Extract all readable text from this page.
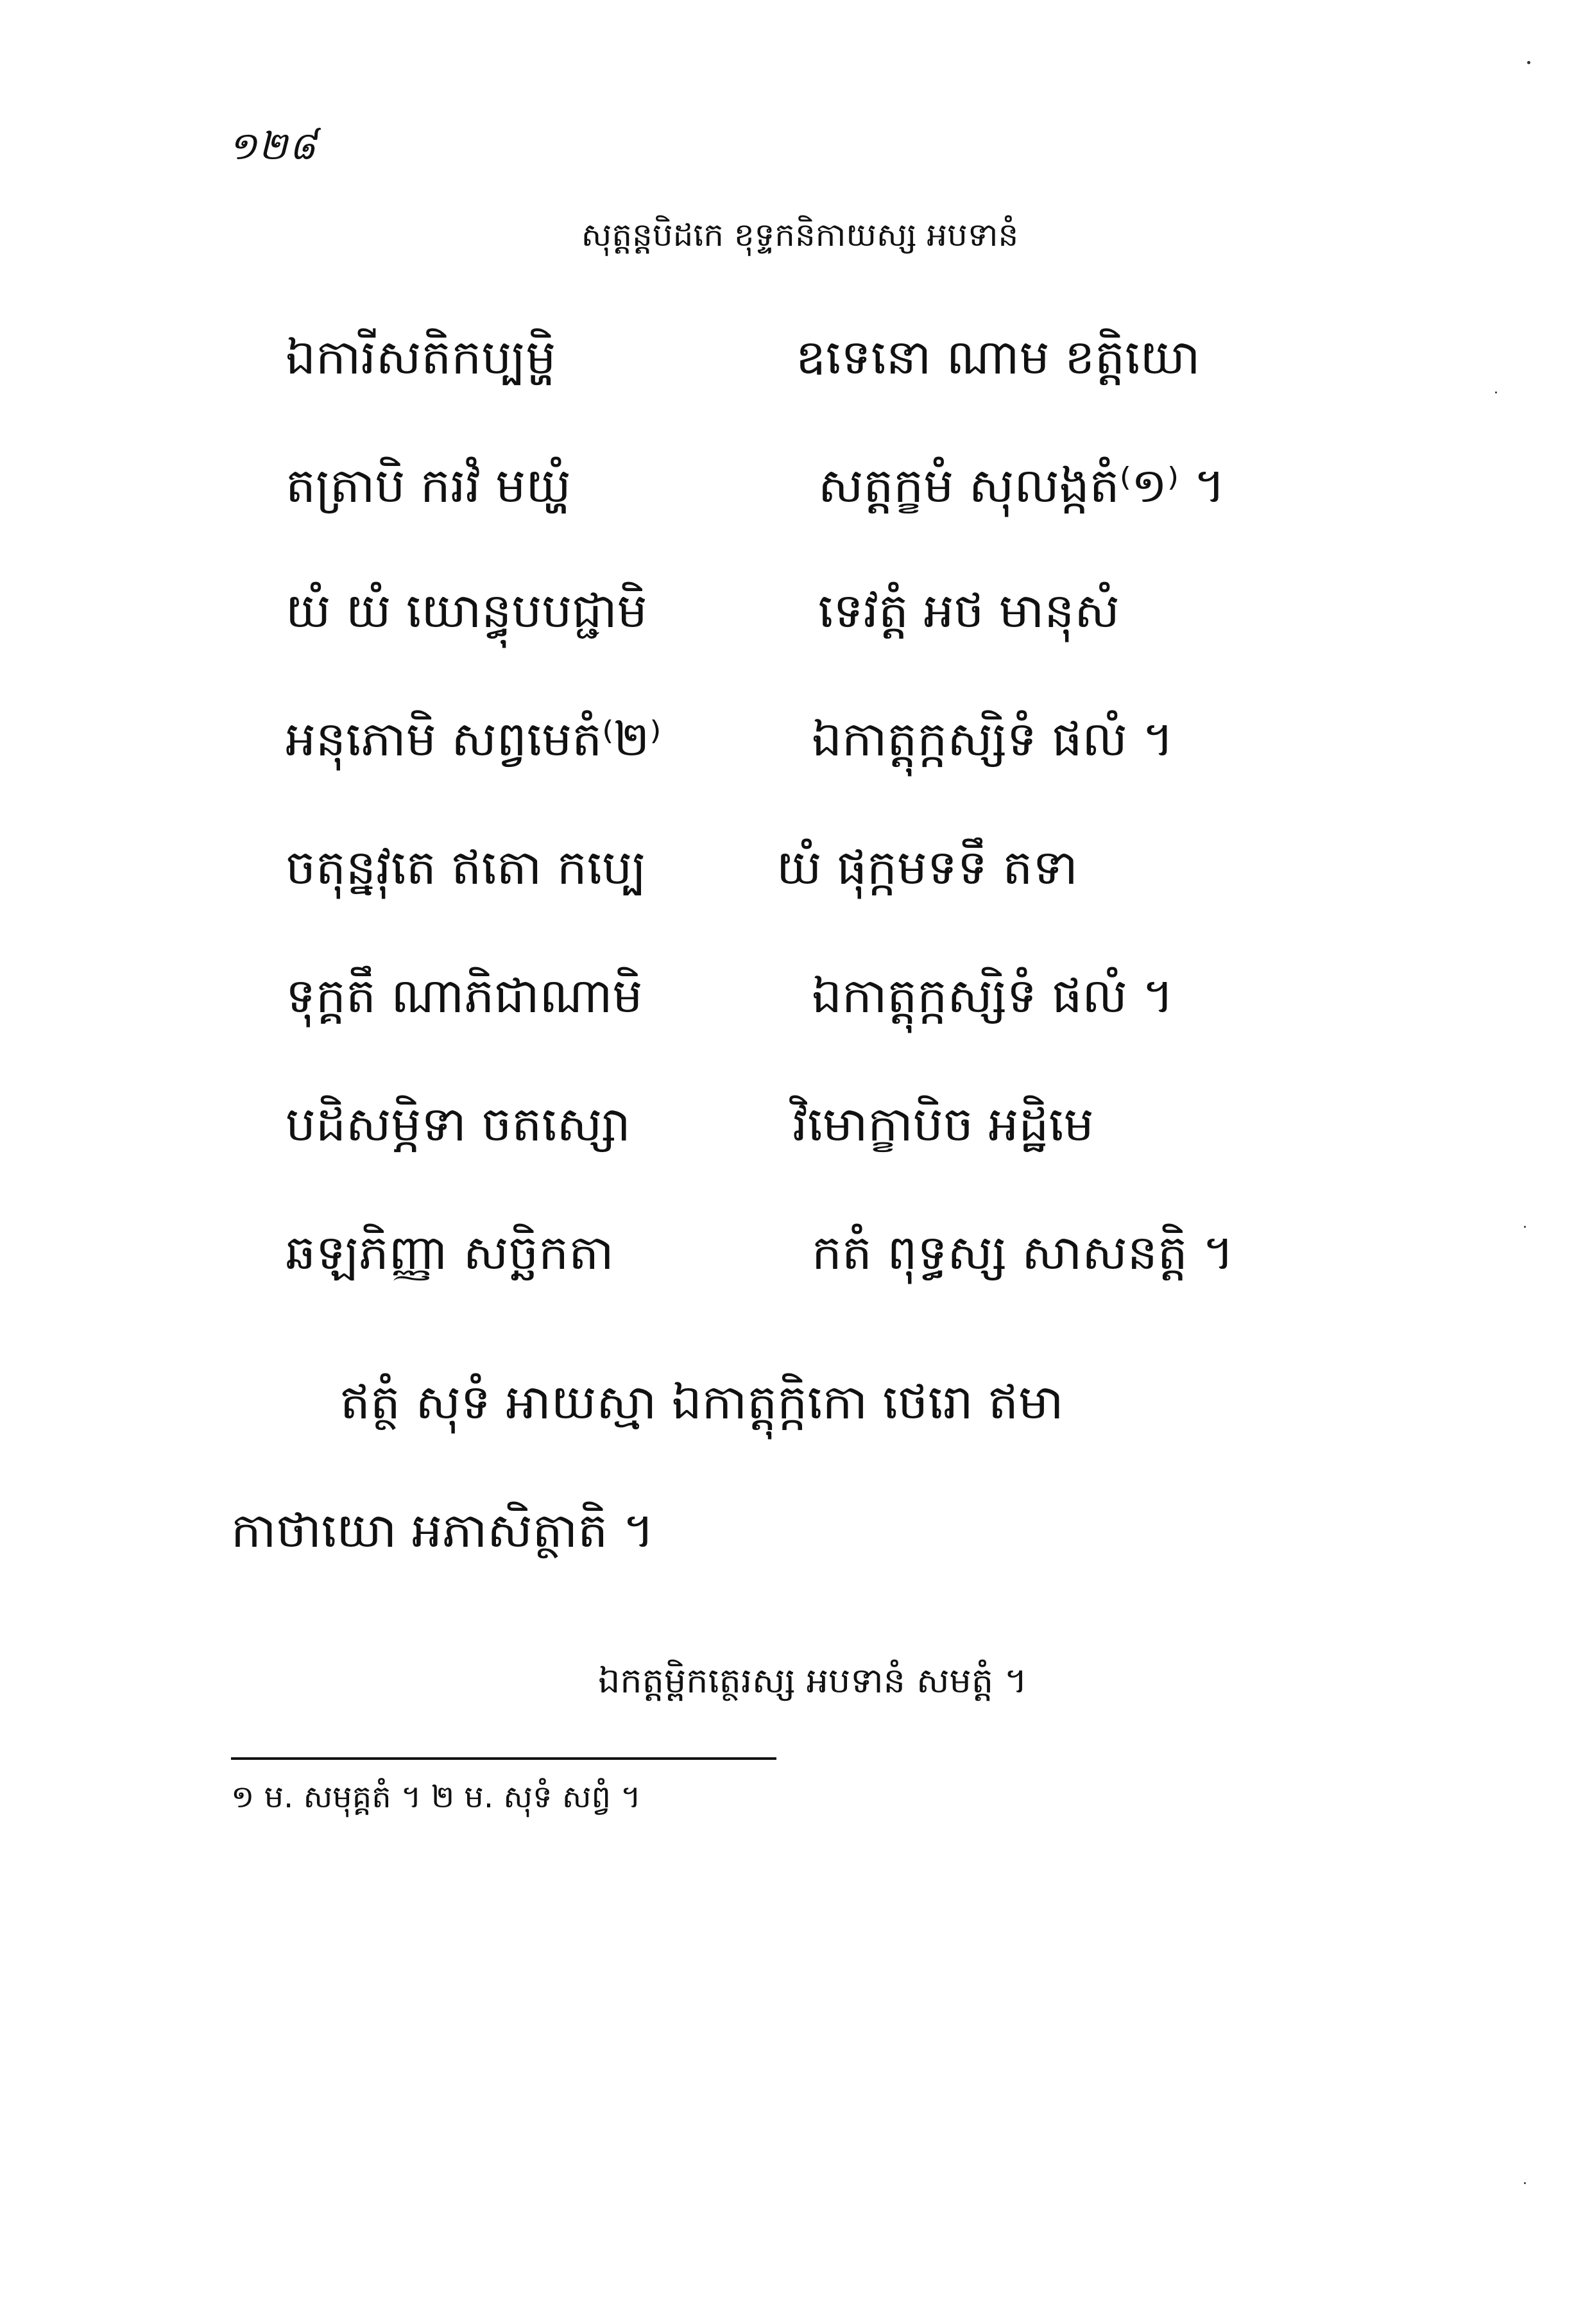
១២៨
សុត្តន្តបិដកេ ខុទ្ទកនិកាយស្ស អបទានំ
ឯការីសតិកប្បម្ហិ	ឧទេនោ ណាម ខត្តិយោ
តត្រាបិ ករវំ មយ្ហំ	សត្តក្ខមំ សុលង្កតំ⁽១⁾ ។
យំ យំ យោន្ធុបបជ្ជាមិ	ទេវត្តំ អថ មានុសំ
អនុភោមិ សព្វមេតំ⁽២⁾	ឯកាត្តុក្កស្សិទំ ផលំ ។
ចតុន្នវុតេ ឥតោ កប្បេ	យំ ផុក្កមទទឹ តទា
ទុក្គតឹ ណាភិជាណាមិ	ឯកាត្តុក្កស្សិទំ ផលំ ។
បដិសម្ភិទា ចតស្សោ	វិមោក្ខាបិច អដ្ឋិមេ
ឆឡភិញ្ញា សច្ឆិកតា	កតំ ពុទ្ធស្ស សាសនត្តិ ។
ឥត្ថំ សុទំ អាយស្មា ឯកាត្តុក្កិកោ ថេរោ ឥមា
កាថាយោ អភាសិត្ថាតិ ។
ឯកត្តម្ពិកត្ថេរស្ស អបទានំ សមត្តំ ។
១ ម. សមុគ្គតំ ។ ២ ម. សុទំ សព្វំ ។
